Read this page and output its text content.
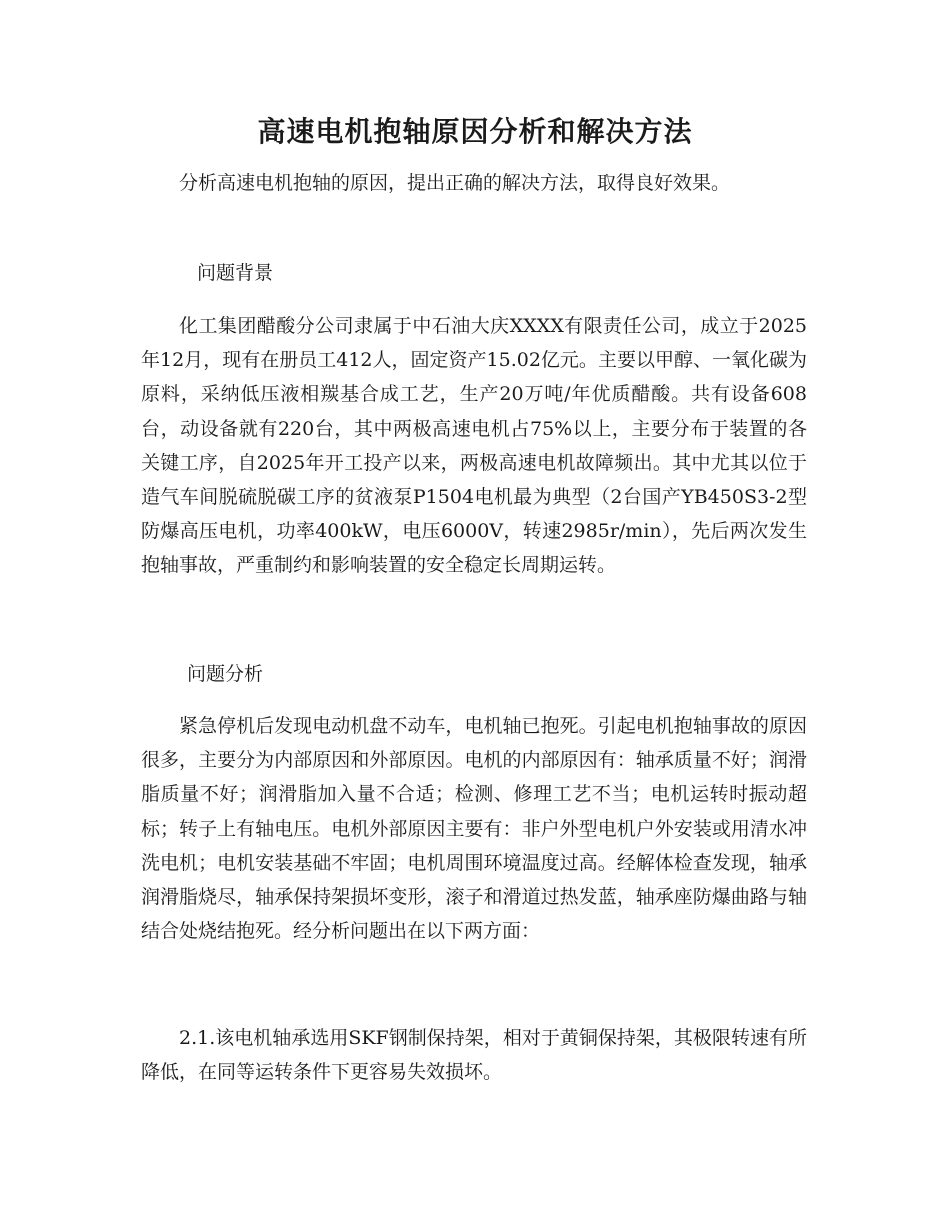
高速电机抱轴原因分析和解决方法

分析高速电机抱轴的原因，提出正确的解决方法，取得良好效果。

问题背景

化工集团醋酸分公司隶属于中石油大庆XXXX有限责任公司，成立于2025年12月，现有在册员工412人，固定资产15.02亿元。主要以甲醇、一氧化碳为原料，采纳低压液相羰基合成工艺，生产20万吨/年优质醋酸。共有设备608台，动设备就有220台，其中两极高速电机占75%以上，主要分布于装置的各关键工序，自2025年开工投产以来，两极高速电机故障频出。其中尤其以位于造气车间脱硫脱碳工序的贫液泵P1504电机最为典型（2台国产YB450S3-2型防爆高压电机，功率400kW，电压6000V，转速2985r/min），先后两次发生抱轴事故，严重制约和影响装置的安全稳定长周期运转。

问题分析

紧急停机后发现电动机盘不动车，电机轴已抱死。引起电机抱轴事故的原因很多，主要分为内部原因和外部原因。电机的内部原因有：轴承质量不好；润滑脂质量不好；润滑脂加入量不合适；检测、修理工艺不当；电机运转时振动超标；转子上有轴电压。电机外部原因主要有：非户外型电机户外安装或用清水冲洗电机；电机安装基础不牢固；电机周围环境温度过高。经解体检查发现，轴承润滑脂烧尽，轴承保持架损坏变形，滚子和滑道过热发蓝，轴承座防爆曲路与轴结合处烧结抱死。经分析问题出在以下两方面：

2.1.该电机轴承选用SKF钢制保持架，相对于黄铜保持架，其极限转速有所降低，在同等运转条件下更容易失效损坏。
